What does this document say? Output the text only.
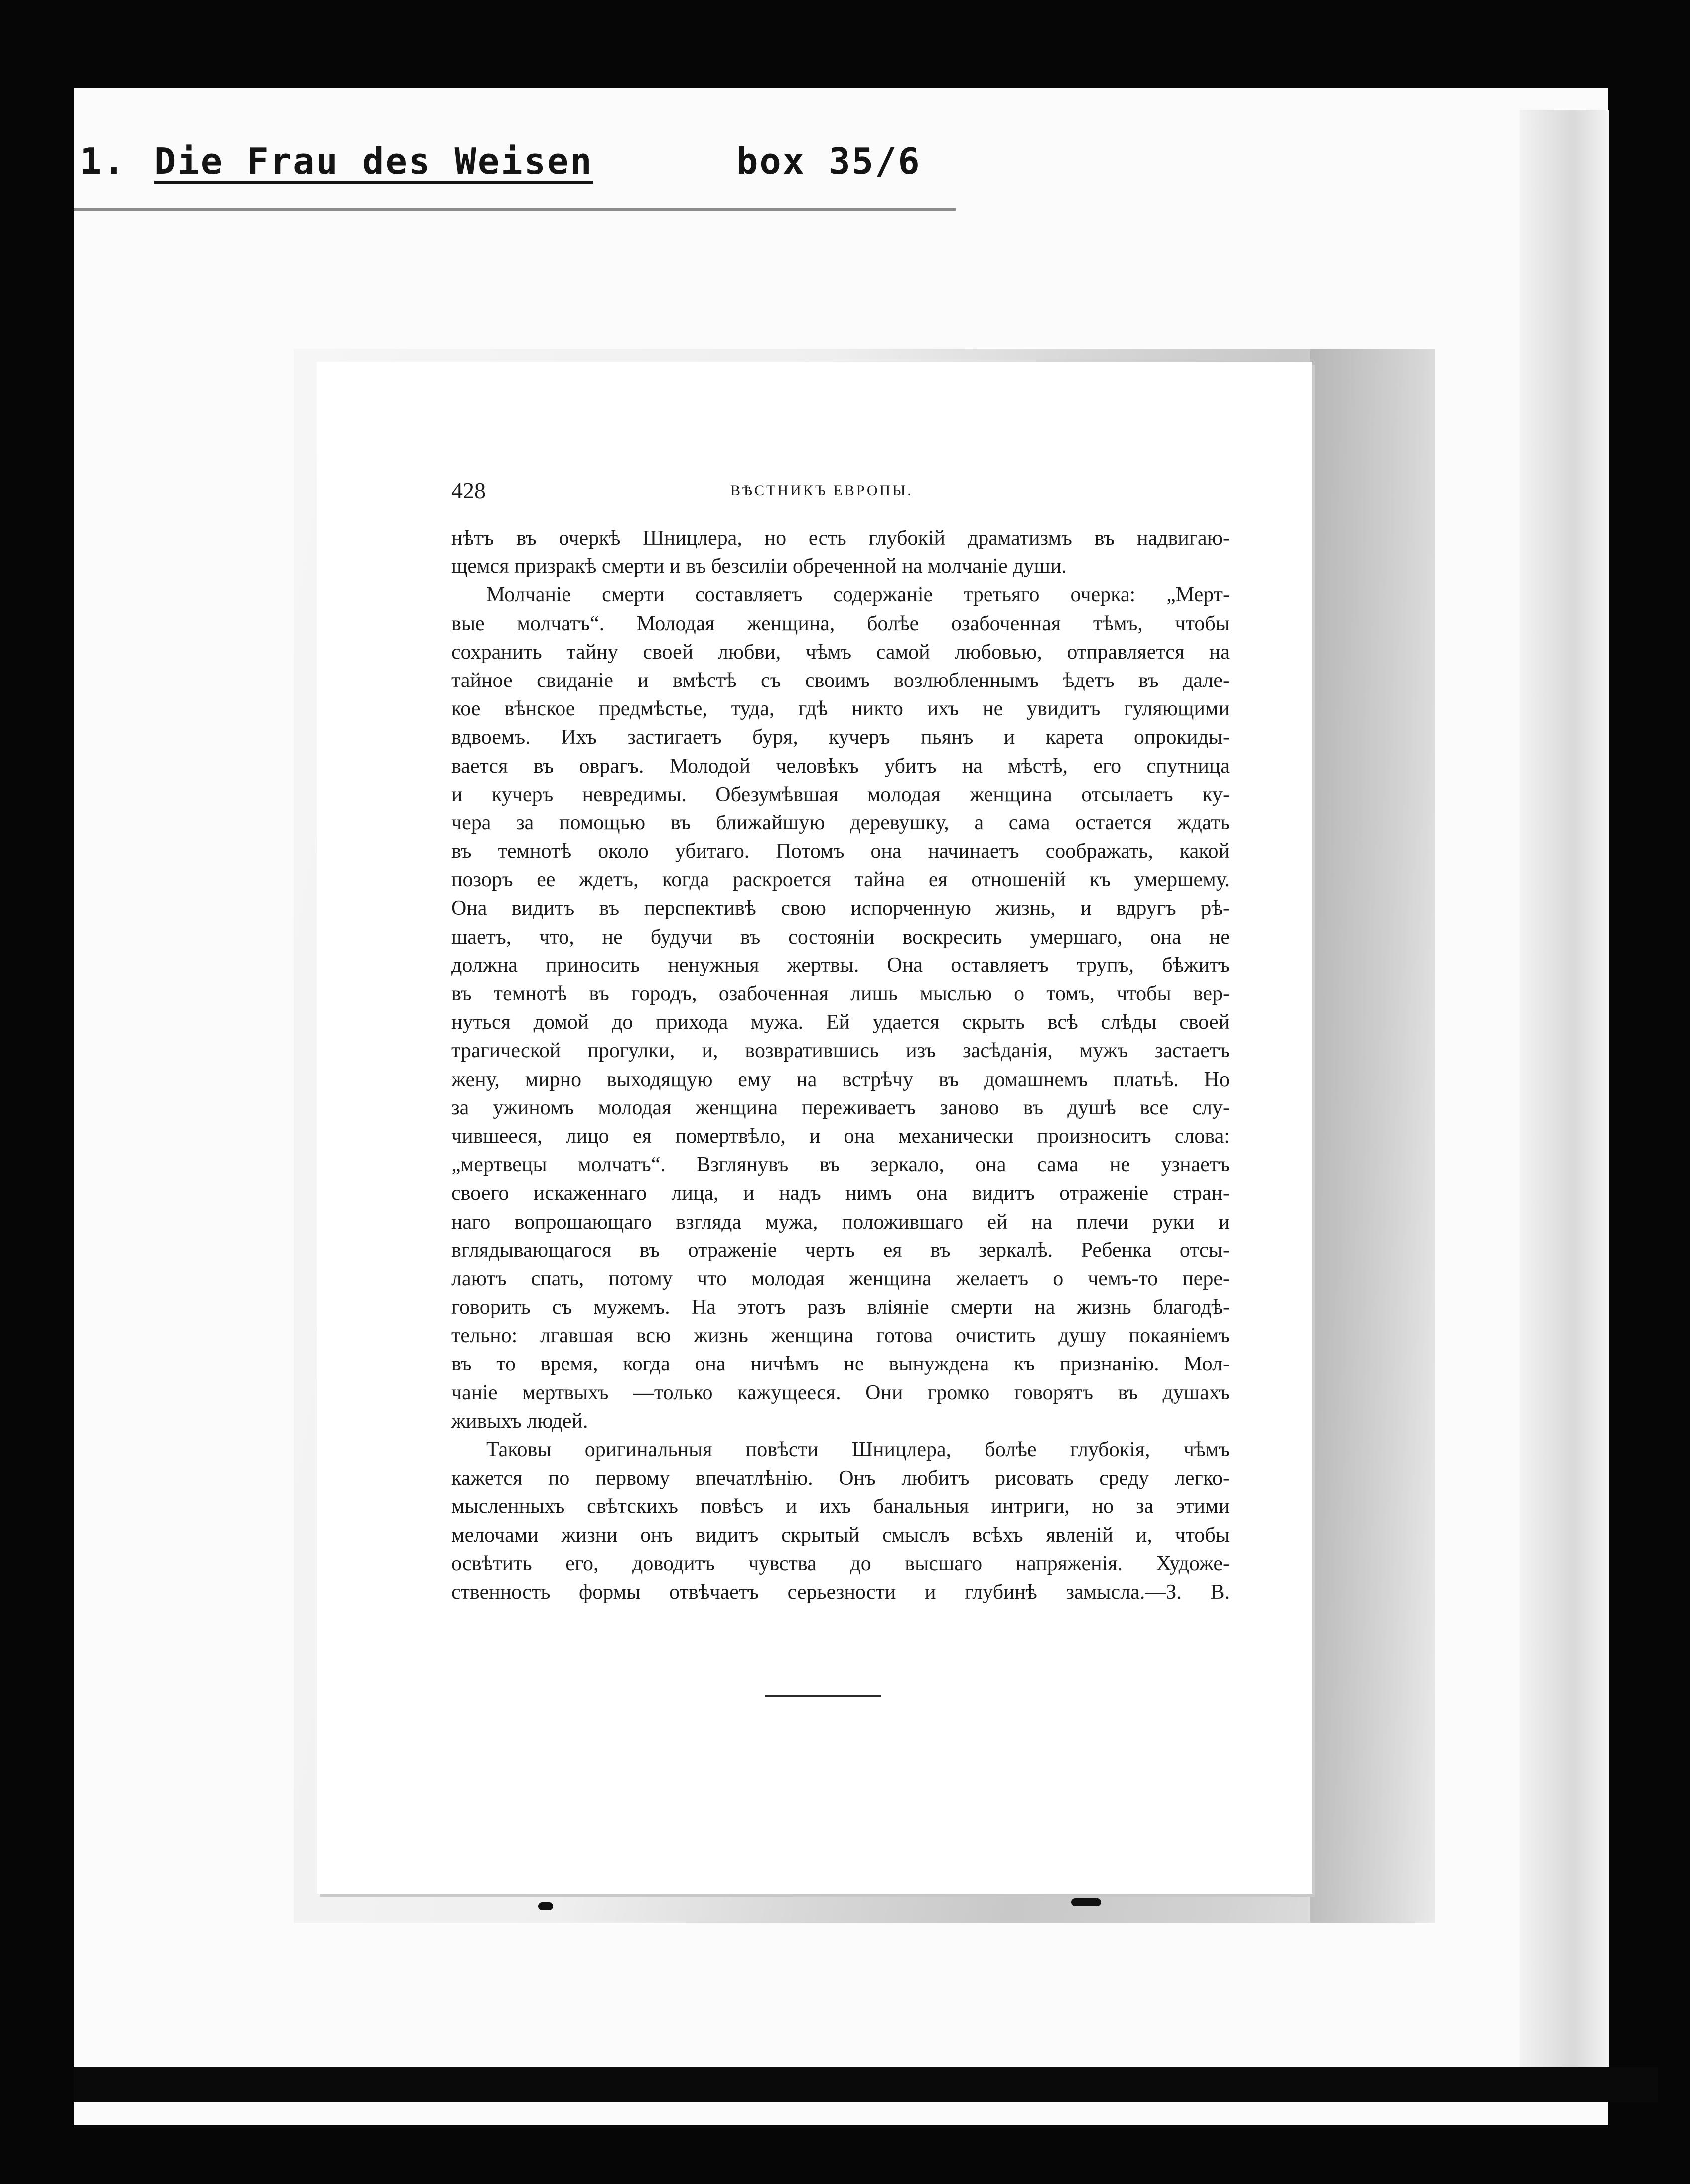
1. Die Frau des Weisen	box 35/6
428	ВѢСТНИКЪ ЕВРОПЫ.
нѣтъ въ очеркѣ Шницлера, но есть глубокій драматизмъ въ надвигаю-
щемся призракѣ смерти и въ безсиліи обреченной на молчаніе души.
Молчаніе смерти составляетъ содержаніе третьяго очерка: „Мерт-
вые молчатъ“. Молодая женщина, болѣе озабоченная тѣмъ, чтобы
сохранить тайну своей любви, чѣмъ самой любовью, отправляется на
тайное свиданіе и вмѣстѣ съ своимъ возлюбленнымъ ѣдетъ въ дале-
кое вѣнское предмѣстье, туда, гдѣ никто ихъ не увидитъ гуляющими
вдвоемъ. Ихъ застигаетъ буря, кучеръ пьянъ и карета опрокиды-
вается въ оврагъ. Молодой человѣкъ убитъ на мѣстѣ, его спутница
и кучеръ невредимы. Обезумѣвшая молодая женщина отсылаетъ ку-
чера за помощью въ ближайшую деревушку, а сама остается ждать
въ темнотѣ около убитаго. Потомъ она начинаетъ соображать, какой
позоръ ее ждетъ, когда раскроется тайна ея отношеній къ умершему.
Она видитъ въ перспективѣ свою испорченную жизнь, и вдругъ рѣ-
шаетъ, что, не будучи въ состояніи воскресить умершаго, она не
должна приносить ненужныя жертвы. Она оставляетъ трупъ, бѣжитъ
въ темнотѣ въ городъ, озабоченная лишь мыслью о томъ, чтобы вер-
нуться домой до прихода мужа. Ей удается скрыть всѣ слѣды своей
трагической прогулки, и, возвратившись изъ засѣданія, мужъ застаетъ
жену, мирно выходящую ему на встрѣчу въ домашнемъ платьѣ. Но
за ужиномъ молодая женщина переживаетъ заново въ душѣ все слу-
чившееся, лицо ея помертвѣло, и она механически произноситъ слова:
„мертвецы молчатъ“. Взглянувъ въ зеркало, она сама не узнаетъ
своего искаженнаго лица, и надъ нимъ она видитъ отраженіе стран-
наго вопрошающаго взгляда мужа, положившаго ей на плечи руки и
вглядывающагося въ отраженіе чертъ ея въ зеркалѣ. Ребенка отсы-
лаютъ спать, потому что молодая женщина желаетъ о чемъ-то пере-
говорить съ мужемъ. На этотъ разъ вліяніе смерти на жизнь благодѣ-
тельно: лгавшая всю жизнь женщина готова очистить душу покаяніемъ
въ то время, когда она ничѣмъ не вынуждена къ признанію. Мол-
чаніе мертвыхъ —только кажущееся. Они громко говорятъ въ душахъ
живыхъ людей.
Таковы оригинальныя повѣсти Шницлера, болѣе глубокія, чѣмъ
кажется по первому впечатлѣнію. Онъ любитъ рисовать среду легко-
мысленныхъ свѣтскихъ повѣсъ и ихъ банальныя интриги, но за этими
мелочами жизни онъ видитъ скрытый смыслъ всѣхъ явленій и, чтобы
освѣтить его, доводитъ чувства до высшаго напряженія. Художе-
ственность формы отвѣчаетъ серьезности и глубинѣ замысла.—З. В.
